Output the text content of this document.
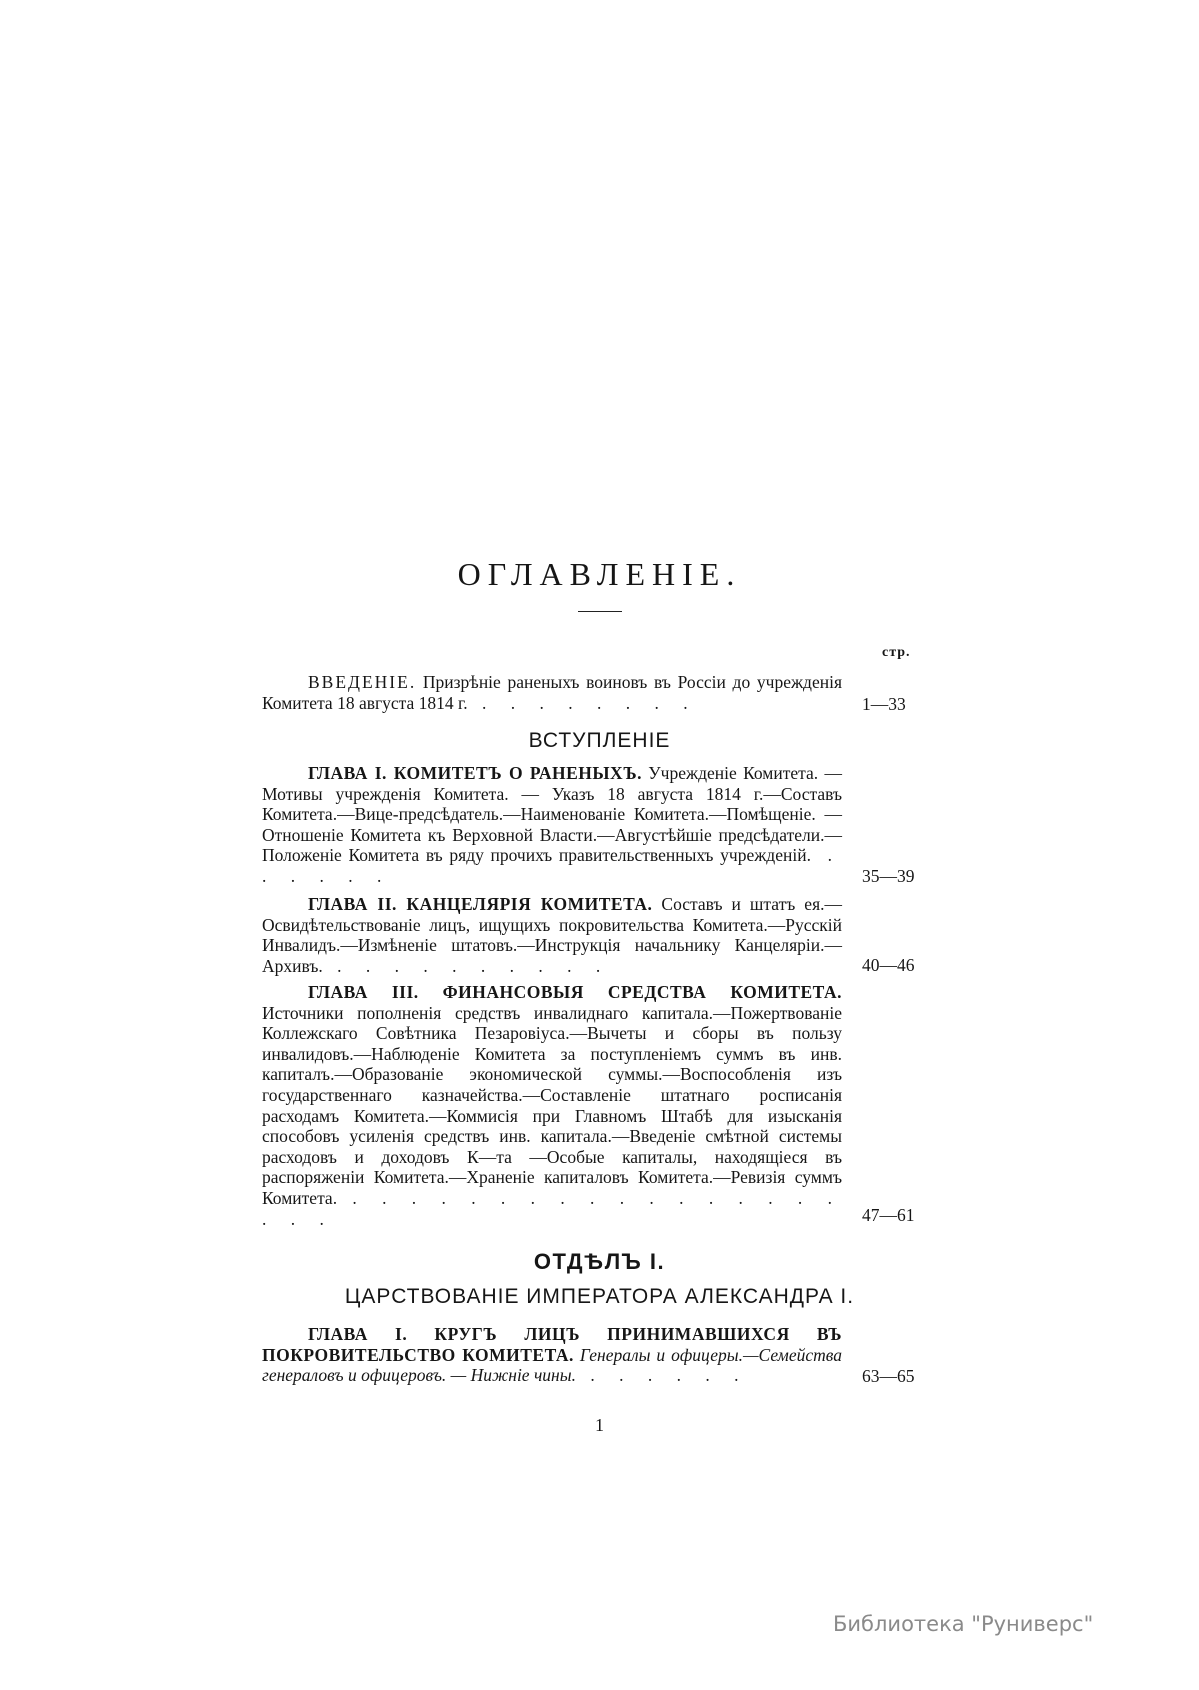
ОГЛАВЛЕНІЕ.
стр.
ВВЕДЕНІЕ. Призрѣніе раненыхъ воиновъ въ Россіи до учрежденія Комитета 18 августа 1814 г. . . . . . . . .	1—33
ВСТУПЛЕНІЕ
ГЛАВА I. КОМИТЕТЪ О РАНЕНЫХЪ. Учрежденіе Комитета. — Мотивы учрежденія Комитета. — Указъ 18 августа 1814 г.—Составъ Комитета.—Вице-предсѣдатель.—Наименованіе Комитета.—Помѣщеніе. — Отношеніе Комитета къ Верховной Власти.—Августѣйшіе предсѣдатели.—Положеніе Комитета въ ряду прочихъ правительственныхъ учрежденій. . . . . . .	35—39
ГЛАВА II. КАНЦЕЛЯРІЯ КОМИТЕТА. Составъ и штатъ ея.—Освидѣтельствованіе лицъ, ищущихъ покровительства Комитета.—Русскій Инвалидъ.—Измѣненіе штатовъ.—Инструкція начальнику Канцеляріи.—Архивъ. . . . . . . . . . .	40—46
ГЛАВА III. ФИНАНСОВЫЯ СРЕДСТВА КОМИТЕТА. Источники пополненія средствъ инвалиднаго капитала.—Пожертвованіе Коллежскаго Совѣтника Пезаровіуса.—Вычеты и сборы въ пользу инвалидовъ.—Наблюденіе Комитета за поступленіемъ суммъ въ инв. капиталъ.—Образованіе экономической суммы.—Воспособленія изъ государственнаго казначейства.—Составленіе штатнаго росписанія расходамъ Комитета.—Коммисія при Главномъ Штабѣ для изысканія способовъ усиленія средствъ инв. капитала.—Введеніе смѣтной системы расходовъ и доходовъ К—та —Особые капиталы, находящіеся въ распоряженіи Комитета.—Храненіе капиталовъ Комитета.—Ревизія суммъ Комитета. . . . . . . . . . . . . . . . . . . . .	47—61
ОТДѢЛЪ I.
ЦАРСТВОВАНІЕ ИМПЕРАТОРА АЛЕКСАНДРА I.
ГЛАВА I. КРУГЪ ЛИЦЪ ПРИНИМАВШИХСЯ ВЪ ПОКРОВИТЕЛЬСТВО КОМИТЕТА. Генералы и офицеры.—Семейства генераловъ и офицеровъ. — Нижніе чины. . . . . . .	63—65
1
Библиотека "Руниверс"
